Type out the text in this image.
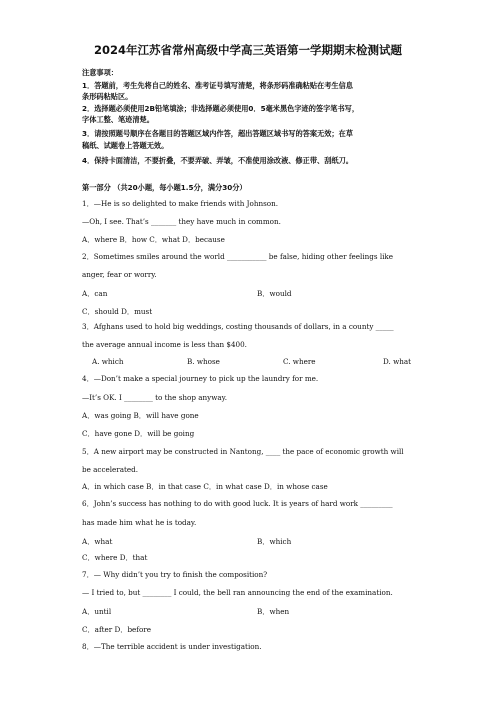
2024年江苏省常州高级中学高三英语第一学期期末检测试题
注意事项：
1．答题前，考生先将自己的姓名、准考证号填写清楚，将条形码准确粘贴在考生信息
条形码粘贴区。
2．选择题必须使用2B铅笔填涂；非选择题必须使用0．5毫米黑色字迹的签字笔书写，
字体工整、笔迹清楚。
3．请按照题号顺序在各题目的答题区域内作答，超出答题区域书写的答案无效；在草
稿纸、试题卷上答题无效。
4．保持卡面清洁，不要折叠，不要弄破、弄皱，不准使用涂改液、修正带、刮纸刀。
第一部分 （共20小题，每小题1.5分，满分30分）
1．—He is so delighted to make friends with Johnson.
—Oh, I see. That’s _______ they have much in common.
A．where B．how C．what D．because
2．Sometimes smiles around the world ___________ be false, hiding other feelings like
anger, fear or worry.
A．can	B．would
C．should D．must
3．Afghans used to hold big weddings, costing thousands of dollars, in a county _____
the average annual income is less than $400.
A. which	B. whose	C. where	D. what
4．—Don’t make a special journey to pick up the laundry for me.
—It’s OK. I ________ to the shop anyway.
A．was going B．will have gone
C．have gone D．will be going
5．A new airport may be constructed in Nantong, ____ the pace of economic growth will
be accelerated.
A．in which case B．in that case C．in what case D．in whose case
6．John’s success has nothing to do with good luck. It is years of hard work _________
has made him what he is today.
A．what	B．which
C．where D．that
7．— Why didn’t you try to finish the composition?
— I tried to, but ________ I could, the bell ran announcing the end of the examination.
A．until	B．when
C．after D．before
8．—The terrible accident is under investigation.
